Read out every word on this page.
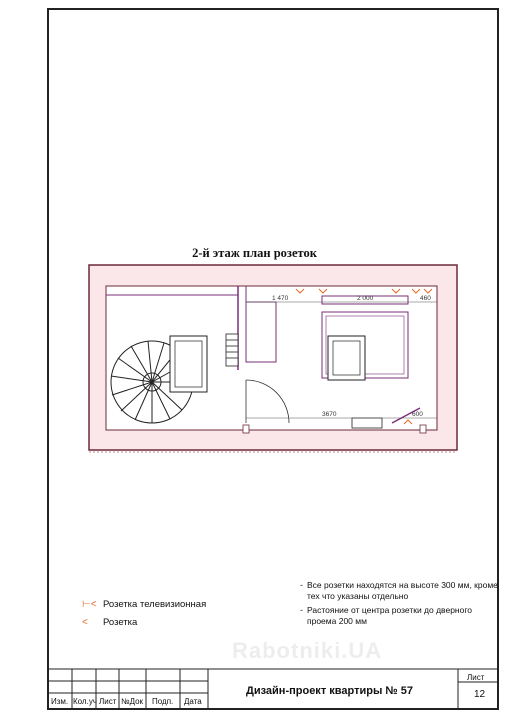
2-й этаж план розеток
1 470	2 000	460
3670	600
⊢< Розетка телевизионная
<	Розетка
- Все розетки находятся на высоте 300 мм, кроме тех что указаны отдельно
- Растояние от центра розетки до дверного проема 200 мм
Rabotniki.UA
Изм. Кол.уч Лист №Док Подп. Дата
Дизайн-проект квартиры № 57
Лист
12
